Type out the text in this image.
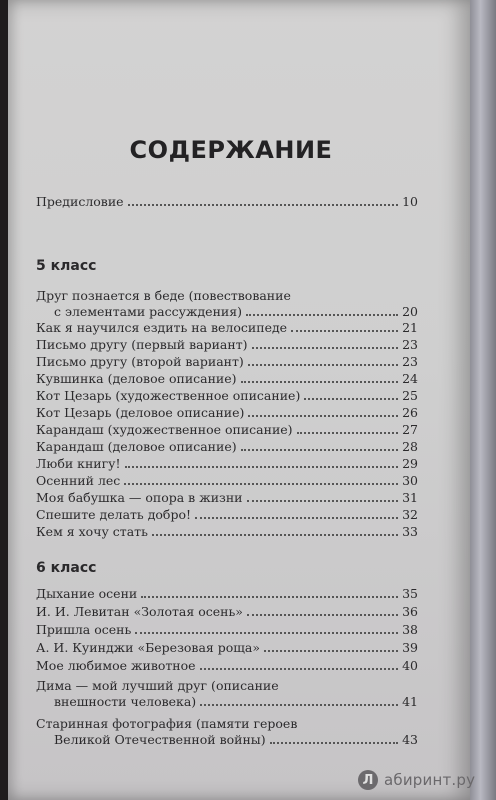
СОДЕРЖАНИЕ
Предисловие	10
5 класс
Друг познается в беде (повествование
с элементами рассуждения)	20
Как я научился ездить на велосипеде	21
Письмо другу (первый вариант)	23
Письмо другу (второй вариант)	23
Кувшинка (деловое описание)	24
Кот Цезарь (художественное описание)	25
Кот Цезарь (деловое описание)	26
Карандаш (художественное описание)	27
Карандаш (деловое описание)	28
Люби книгу!	29
Осенний лес	30
Моя бабушка — опора в жизни	31
Спешите делать добро!	32
Кем я хочу стать	33
6 класс
Дыхание осени	35
И. И. Левитан «Золотая осень»	36
Пришла осень	38
А. И. Куинджи «Березовая роща»	39
Мое любимое животное	40
Дима — мой лучший друг (описание
внешности человека)	41
Старинная фотография (памяти героев
Великой Отечественной войны)	43
Л абиринт.ру
